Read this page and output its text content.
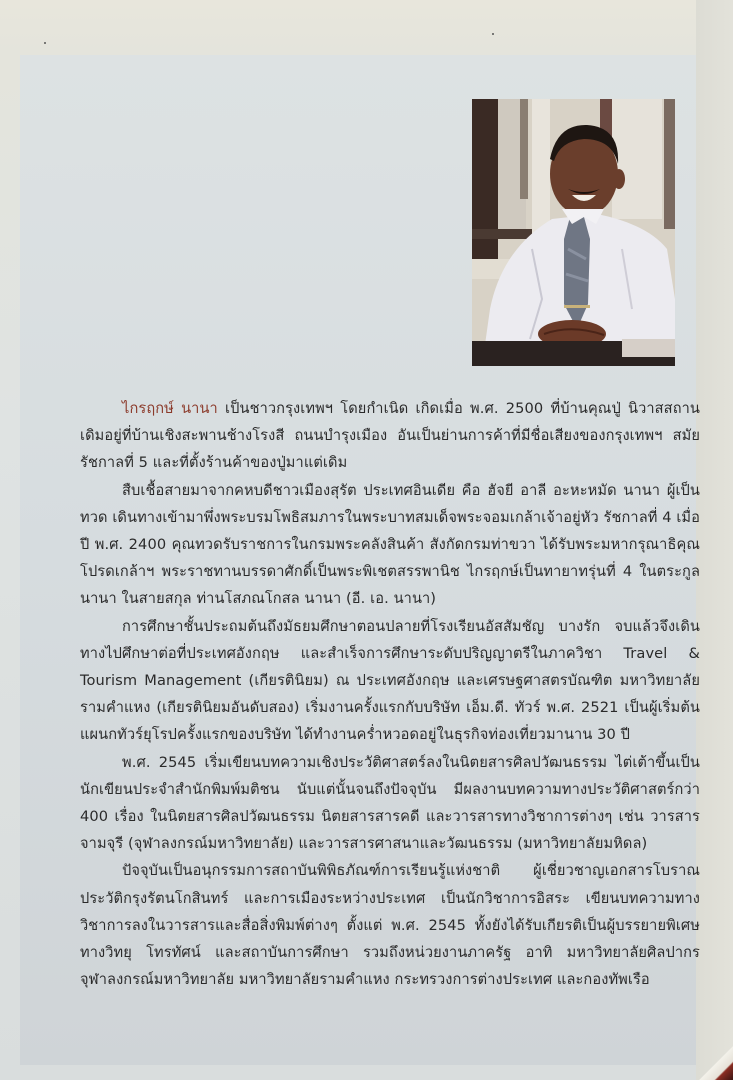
ไกรฤกษ์ นานา เป็นชาวกรุงเทพฯ โดยกำเนิด เกิดเมื่อ พ.ศ. 2500 ที่บ้านคุณปู่ นิวาสสถานเดิมอยู่ที่บ้านเชิงสะพานช้างโรงสี ถนนบำรุงเมือง อันเป็นย่านการค้าที่มีชื่อเสียงของกรุงเทพฯ สมัยรัชกาลที่ 5 และที่ตั้งร้านค้าของปู่มาแต่เดิม

สืบเชื้อสายมาจากคหบดีชาวเมืองสุรัต ประเทศอินเดีย คือ ฮัจยี อาลี อะหะหมัด นานา ผู้เป็นทวด เดินทางเข้ามาพึ่งพระบรมโพธิสมภารในพระบาทสมเด็จพระจอมเกล้าเจ้าอยู่หัว รัชกาลที่ 4 เมื่อปี พ.ศ. 2400 คุณทวดรับราชการในกรมพระคลังสินค้า สังกัดกรมท่าขวา ได้รับพระมหากรุณาธิคุณโปรดเกล้าฯ พระราชทานบรรดาศักดิ์เป็นพระพิเชตสรรพานิช ไกรฤกษ์เป็นทายาทรุ่นที่ 4 ในตระกูลนานา ในสายสกุล ท่านโสภณโกสล นานา (อี. เอ. นานา)

การศึกษาชั้นประถมต้นถึงมัธยมศึกษาตอนปลายที่โรงเรียนอัสสัมชัญ บางรัก จบแล้วจึงเดินทางไปศึกษาต่อที่ประเทศอังกฤษ และสำเร็จการศึกษาระดับปริญญาตรีในภาควิชา Travel & Tourism Management (เกียรตินิยม) ณ ประเทศอังกฤษ และเศรษฐศาสตรบัณฑิต มหาวิทยาลัยรามคำแหง (เกียรตินิยมอันดับสอง) เริ่มงานครั้งแรกกับบริษัท เอ็ม.ดี. ทัวร์ พ.ศ. 2521 เป็นผู้เริ่มต้นแผนกทัวร์ยุโรปครั้งแรกของบริษัท ได้ทำงานคร่ำหวอดอยู่ในธุรกิจท่องเที่ยวมานาน 30 ปี

พ.ศ. 2545 เริ่มเขียนบทความเชิงประวัติศาสตร์ลงในนิตยสารศิลปวัฒนธรรม ไต่เต้าขึ้นเป็นนักเขียนประจำสำนักพิมพ์มติชน นับแต่นั้นจนถึงปัจจุบัน มีผลงานบทความทางประวัติศาสตร์กว่า 400 เรื่อง ในนิตยสารศิลปวัฒนธรรม นิตยสารสารคดี และวารสารทางวิชาการต่างๆ เช่น วารสารจามจุรี (จุฬาลงกรณ์มหาวิทยาลัย) และวารสารศาสนาและวัฒนธรรม (มหาวิทยาลัยมหิดล)

ปัจจุบันเป็นอนุกรรมการสถาบันพิพิธภัณฑ์การเรียนรู้แห่งชาติ ผู้เชี่ยวชาญเอกสารโบราณ ประวัติกรุงรัตนโกสินทร์ และการเมืองระหว่างประเทศ เป็นนักวิชาการอิสระ เขียนบทความทางวิชาการลงในวารสารและสื่อสิ่งพิมพ์ต่างๆ ตั้งแต่ พ.ศ. 2545 ทั้งยังได้รับเกียรติเป็นผู้บรรยายพิเศษทางวิทยุ โทรทัศน์ และสถาบันการศึกษา รวมถึงหน่วยงานภาครัฐ อาทิ มหาวิทยาลัยศิลปากร จุฬาลงกรณ์มหาวิทยาลัย มหาวิทยาลัยรามคำแหง กระทรวงการต่างประเทศ และกองทัพเรือ
